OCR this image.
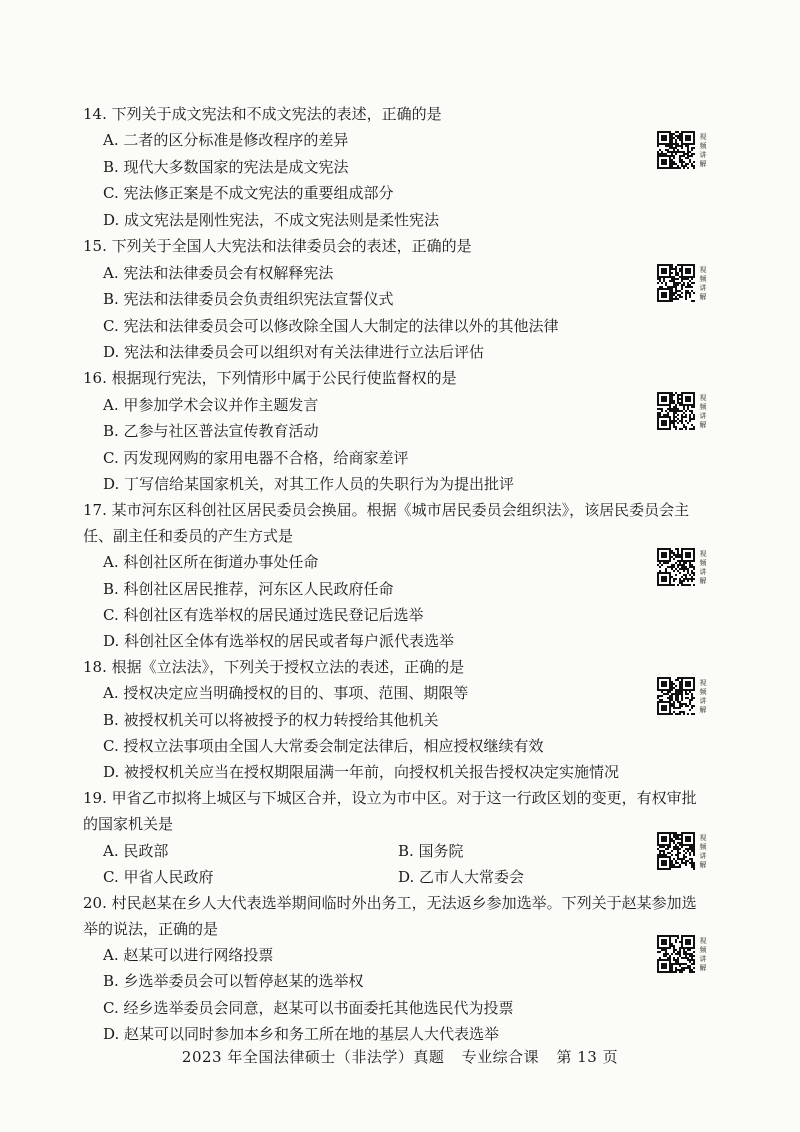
14. 下列关于成文宪法和不成文宪法的表述，正确的是
A. 二者的区分标准是修改程序的差异
B. 现代大多数国家的宪法是成文宪法
C. 宪法修正案是不成文宪法的重要组成部分
D. 成文宪法是刚性宪法，不成文宪法则是柔性宪法
视
频
讲
解
15. 下列关于全国人大宪法和法律委员会的表述，正确的是
A. 宪法和法律委员会有权解释宪法
B. 宪法和法律委员会负责组织宪法宣誓仪式
C. 宪法和法律委员会可以修改除全国人大制定的法律以外的其他法律
D. 宪法和法律委员会可以组织对有关法律进行立法后评估
视
频
讲
解
16. 根据现行宪法，下列情形中属于公民行使监督权的是
A. 甲参加学术会议并作主题发言
B. 乙参与社区普法宣传教育活动
C. 丙发现网购的家用电器不合格，给商家差评
D. 丁写信给某国家机关，对其工作人员的失职行为为提出批评
视
频
讲
解
17. 某市河东区科创社区居民委员会换届。根据《城市居民委员会组织法》，该居民委员会主
任、副主任和委员的产生方式是
A. 科创社区所在街道办事处任命
B. 科创社区居民推荐，河东区人民政府任命
C. 科创社区有选举权的居民通过选民登记后选举
D. 科创社区全体有选举权的居民或者每户派代表选举
视
频
讲
解
18. 根据《立法法》，下列关于授权立法的表述，正确的是
A. 授权决定应当明确授权的目的、事项、范围、期限等
B. 被授权机关可以将被授予的权力转授给其他机关
C. 授权立法事项由全国人大常委会制定法律后，相应授权继续有效
D. 被授权机关应当在授权期限届满一年前，向授权机关报告授权决定实施情况
视
频
讲
解
19. 甲省乙市拟将上城区与下城区合并，设立为市中区。对于这一行政区划的变更，有权审批
的国家机关是
A. 民政部	B. 国务院
C. 甲省人民政府	D. 乙市人大常委会
视
频
讲
解
20. 村民赵某在乡人大代表选举期间临时外出务工，无法返乡参加选举。下列关于赵某参加选
举的说法，正确的是
A. 赵某可以进行网络投票
B. 乡选举委员会可以暂停赵某的选举权
C. 经乡选举委员会同意，赵某可以书面委托其他选民代为投票
D. 赵某可以同时参加本乡和务工所在地的基层人大代表选举
视
频
讲
解
2023 年全国法律硕士（非法学）真题 专业综合课 第 13 页
